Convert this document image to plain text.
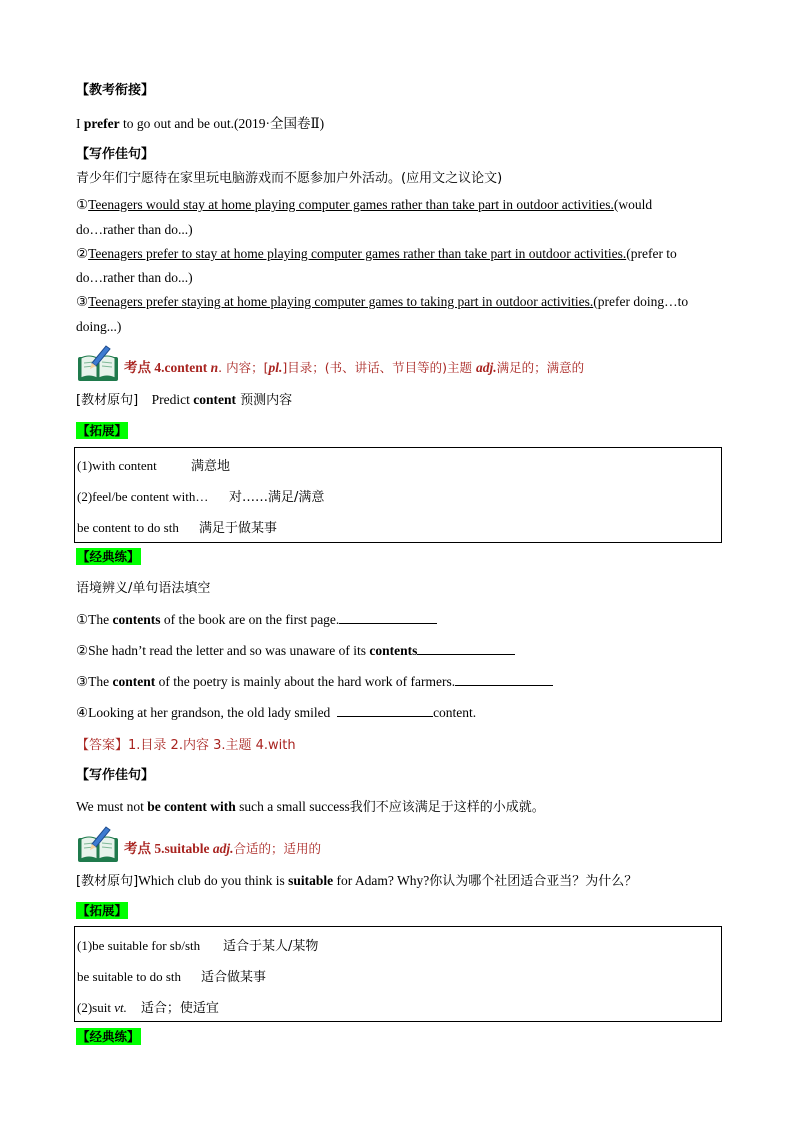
【教考衔接】
I prefer to go out and be out.(2019·全国卷Ⅱ)
【写作佳句】
青少年们宁愿待在家里玩电脑游戏而不愿参加户外活动。(应用文之议论文)
①Teenagers would stay at home playing computer games rather than take part in outdoor activities.(would
do…rather than do...)
②Teenagers prefer to stay at home playing computer games rather than take part in outdoor activities.(prefer to
do…rather than do...)
③Teenagers prefer staying at home playing computer games to taking part in outdoor activities.(prefer doing…to
doing...)
考点 4.content n. 内容；[pl.]目录；(书、讲话、节目等的)主题 adj.满足的；满意的
[教材原句] Predict content 预测内容
【拓展】
(1)with content	满意地
(2)feel/be content with… 对……满足/满意
be content to do sth 满足于做某事
【经典练】
语境辨义/单句语法填空
①The contents of the book are on the first page.
②She hadn’t read the letter and so was unaware of its contents
③The content of the poetry is mainly about the hard work of farmers.
④Looking at her grandson, the old lady smiled	content.
【答案】1.目录 2.内容 3.主题 4.with
【写作佳句】
We must not be content with such a small success我们不应该满足于这样的小成就。
考点 5.suitable adj.合适的；适用的
[教材原句]Which club do you think is suitable for Adam? Why?你认为哪个社团适合亚当？为什么？
【拓展】
(1)be suitable for sb/sth 适合于某人/某物
be suitable to do sth 适合做某事
(2)suit vt. 适合；使适宜
【经典练】
